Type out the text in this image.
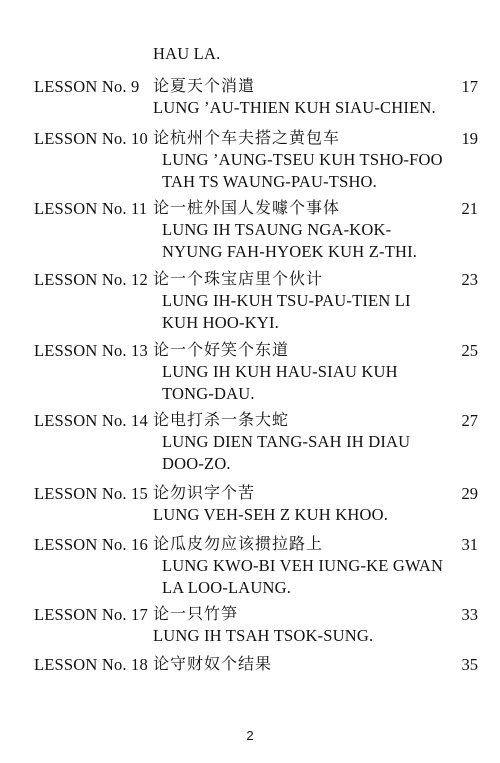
HAU LA.
LESSON No. 9 论夏天个消遣	17
LUNG ’AU-THIEN KUH SIAU-CHIEN.
LESSON No. 10 论杭州个车夫搭之黄包车	19
LUNG ’AUNG-TSEU KUH TSHO-FOO
TAH TS WAUNG-PAU-TSHO.
LESSON No. 11 论一桩外国人发噱个事体	21
LUNG IH TSAUNG NGA-KOK-
NYUNG FAH-HYOEK KUH Z-THI.
LESSON No. 12 论一个珠宝店里个伙计	23
LUNG IH-KUH TSU-PAU-TIEN LI
KUH HOO-KYI.
LESSON No. 13 论一个好笑个东道	25
LUNG IH KUH HAU-SIAU KUH
TONG-DAU.
LESSON No. 14 论电打杀一条大蛇	27
LUNG DIEN TANG-SAH IH DIAU
DOO-ZO.
LESSON No. 15 论勿识字个苦	29
LUNG VEH-SEH Z KUH KHOO.
LESSON No. 16 论瓜皮勿应该掼拉路上	31
LUNG KWO-BI VEH IUNG-KE GWAN
LA LOO-LAUNG.
LESSON No. 17 论一只竹笋	33
LUNG IH TSAH TSOK-SUNG.
LESSON No. 18 论守财奴个结果	35
2
